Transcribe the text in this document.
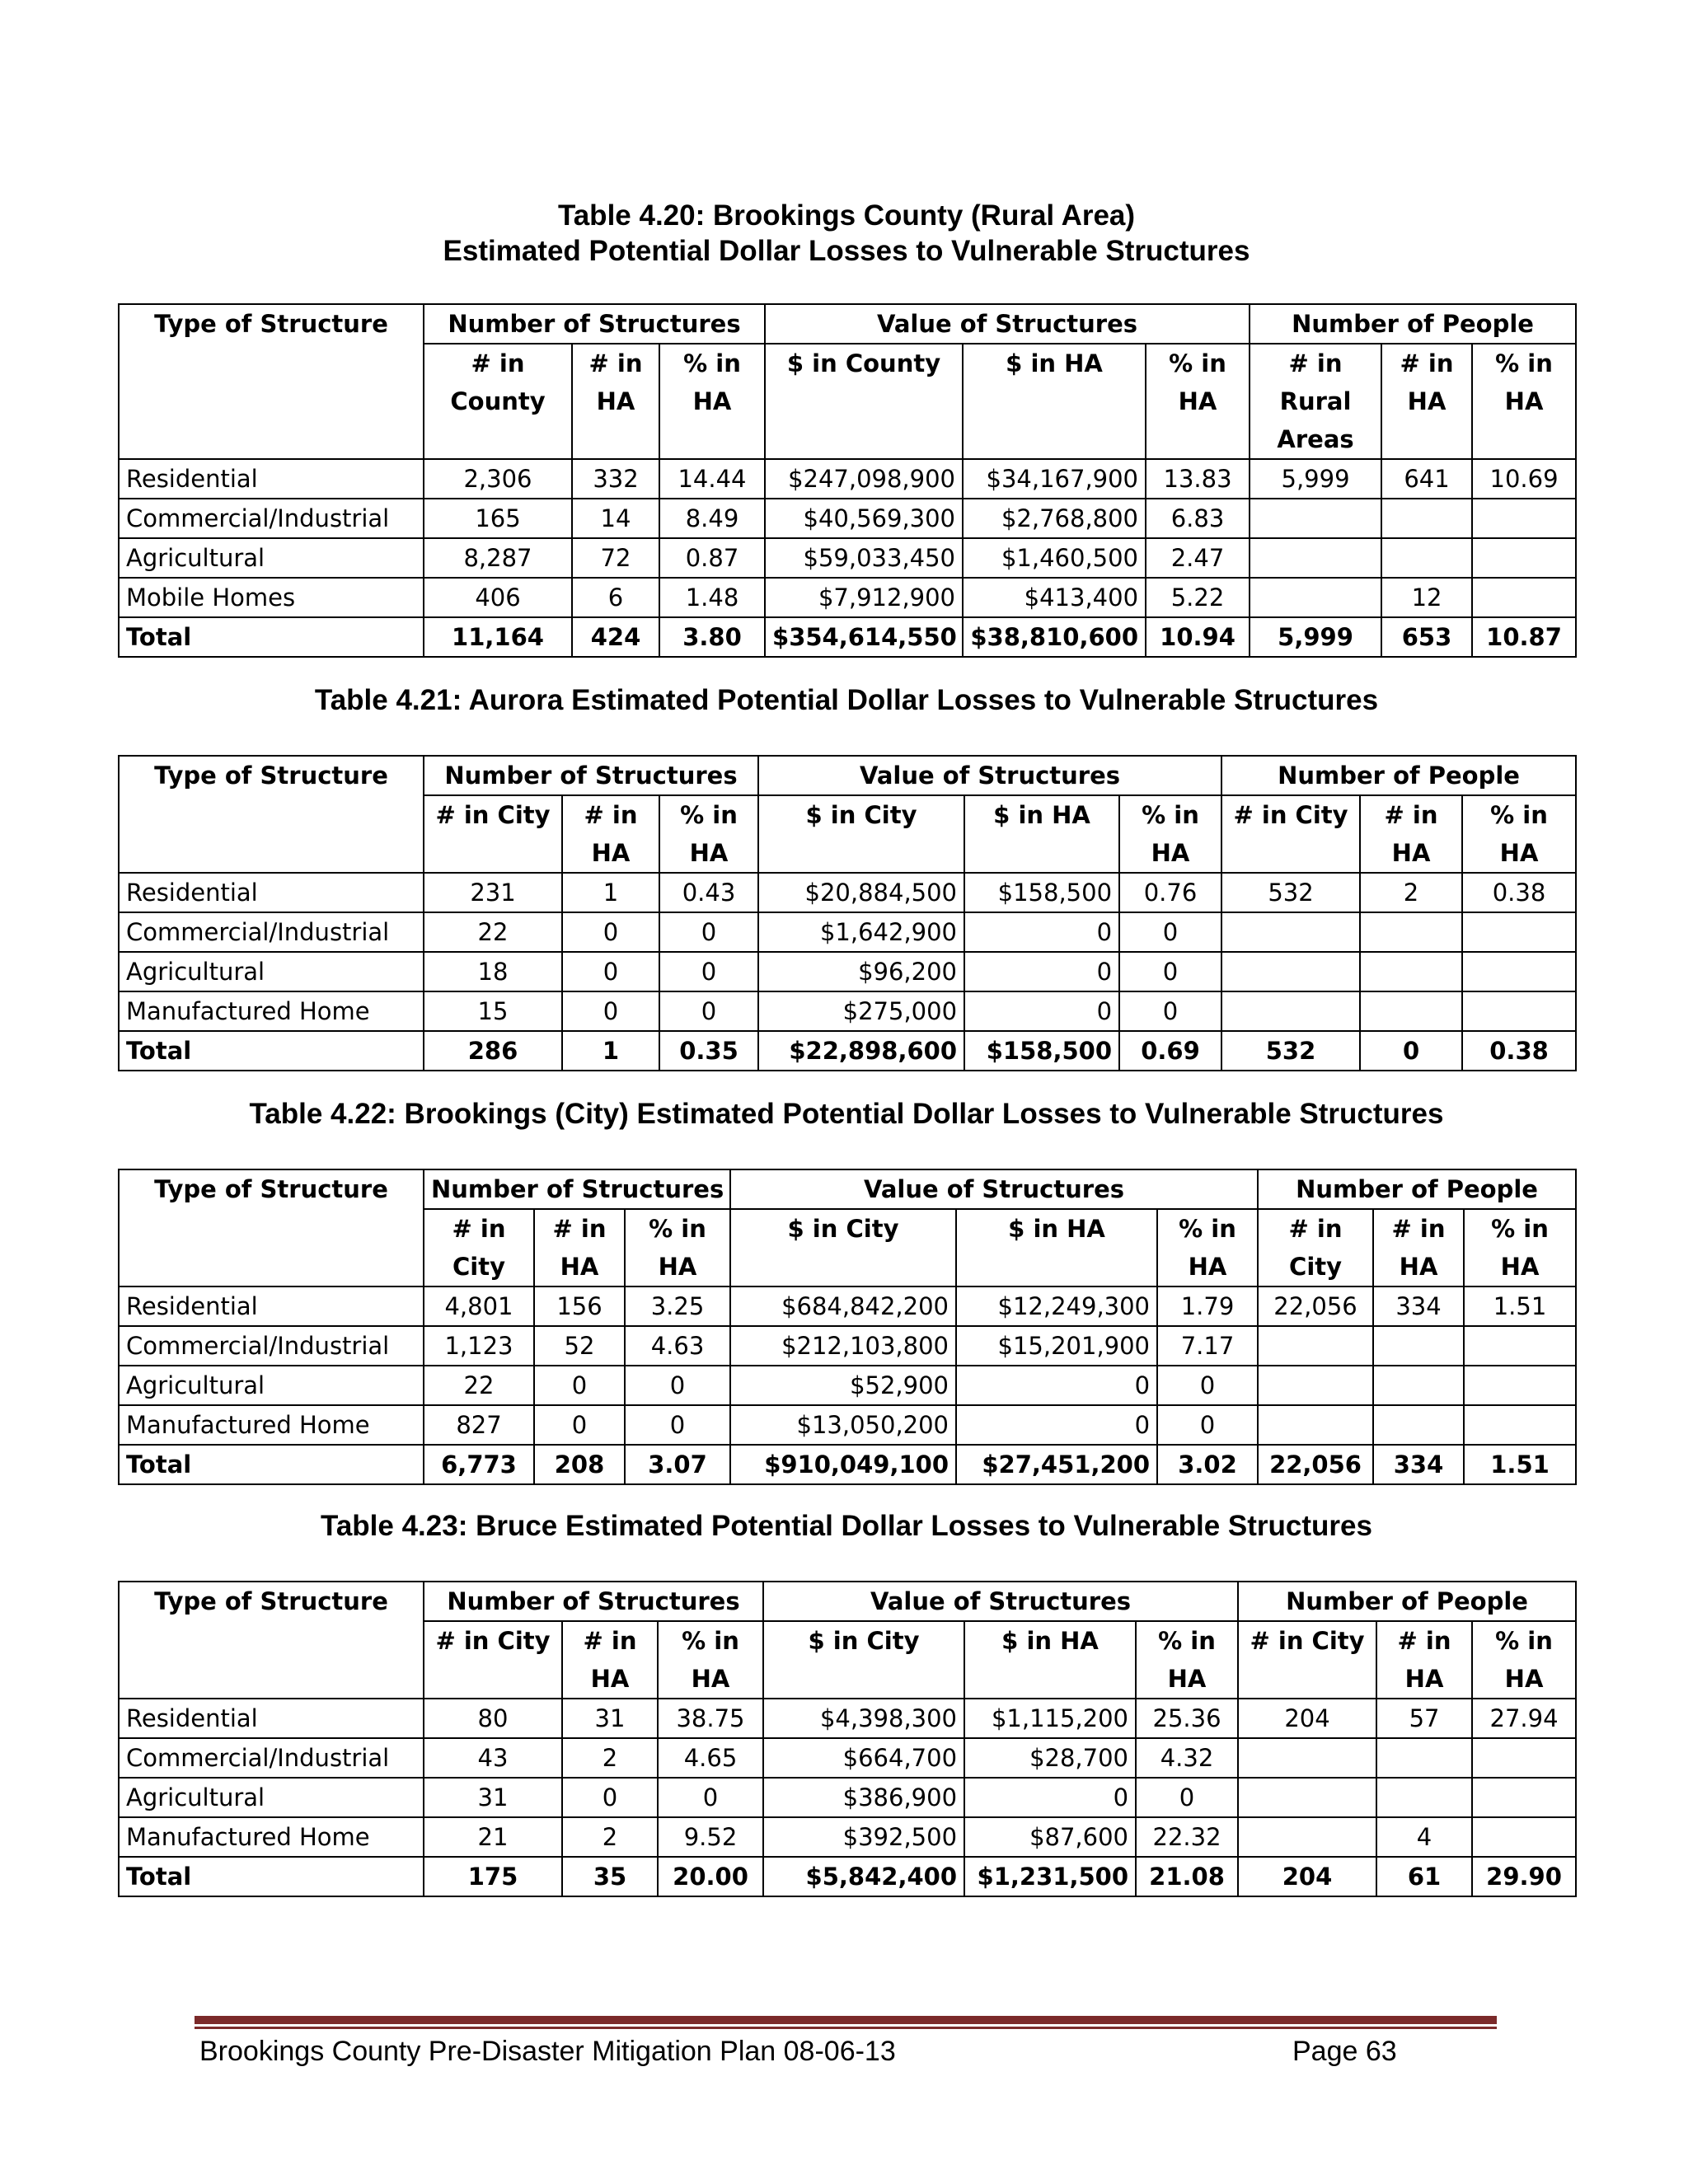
Table 4.20: Brookings County (Rural Area)
Estimated Potential Dollar Losses to Vulnerable Structures
Type of Structure	Number of Structures			Value of Structures			Number of People		
	# in County	# in HA	% in HA	$ in County	$ in HA	% in HA	# in Rural Areas	# in HA	% in HA
Residential	2,306	332	14.44	$247,098,900	$34,167,900	13.83	5,999	641	10.69
Commercial/Industrial	165	14	8.49	$40,569,300	$2,768,800	6.83			
Agricultural	8,287	72	0.87	$59,033,450	$1,460,500	2.47			
Mobile Homes	406	6	1.48	$7,912,900	$413,400	5.22		12	
Total	11,164	424	3.80	$354,614,550	$38,810,600	10.94	5,999	653	10.87
Table 4.21: Aurora Estimated Potential Dollar Losses to Vulnerable Structures
Type of Structure	Number of Structures			Value of Structures			Number of People		
	# in City	# in HA	% in HA	$ in City	$ in HA	% in HA	# in City	# in HA	% in HA
Residential	231	1	0.43	$20,884,500	$158,500	0.76	532	2	0.38
Commercial/Industrial	22	0	0	$1,642,900	0	0			
Agricultural	18	0	0	$96,200	0	0			
Manufactured Home	15	0	0	$275,000	0	0			
Total	286	1	0.35	$22,898,600	$158,500	0.69	532	0	0.38
Table 4.22: Brookings (City) Estimated Potential Dollar Losses to Vulnerable Structures
Type of Structure	Number of Structures			Value of Structures			Number of People		
	# in City	# in HA	% in HA	$ in City	$ in HA	% in HA	# in City	# in HA	% in HA
Residential	4,801	156	3.25	$684,842,200	$12,249,300	1.79	22,056	334	1.51
Commercial/Industrial	1,123	52	4.63	$212,103,800	$15,201,900	7.17			
Agricultural	22	0	0	$52,900	0	0			
Manufactured Home	827	0	0	$13,050,200	0	0			
Total	6,773	208	3.07	$910,049,100	$27,451,200	3.02	22,056	334	1.51
Table 4.23: Bruce Estimated Potential Dollar Losses to Vulnerable Structures
Type of Structure	Number of Structures			Value of Structures			Number of People		
	# in City	# in HA	% in HA	$ in City	$ in HA	% in HA	# in City	# in HA	% in HA
Residential	80	31	38.75	$4,398,300	$1,115,200	25.36	204	57	27.94
Commercial/Industrial	43	2	4.65	$664,700	$28,700	4.32			
Agricultural	31	0	0	$386,900	0	0			
Manufactured Home	21	2	9.52	$392,500	$87,600	22.32		4	
Total	175	35	20.00	$5,842,400	$1,231,500	21.08	204	61	29.90
Brookings County Pre-Disaster Mitigation Plan 08-06-13	Page 63
